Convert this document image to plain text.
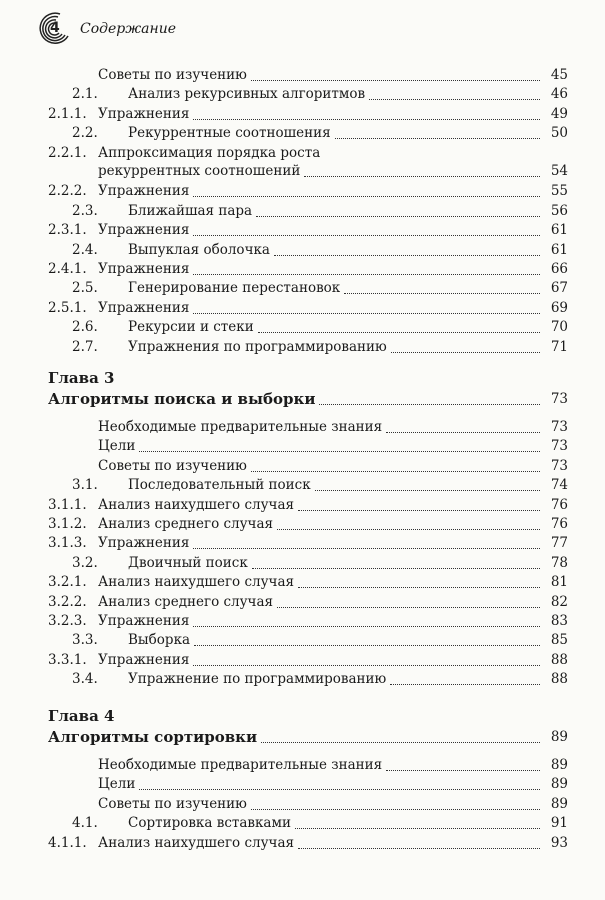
4 Содержание
Советы по изучению	45
2.1. Анализ рекурсивных алгоритмов	46
2.1.1. Упражнения	49
2.2. Рекуррентные соотношения	50
2.2.1. Аппроксимация порядка роста
рекуррентных соотношений	54
2.2.2. Упражнения	55
2.3. Ближайшая пара	56
2.3.1. Упражнения	61
2.4. Выпуклая оболочка	61
2.4.1. Упражнения	66
2.5. Генерирование перестановок	67
2.5.1. Упражнения	69
2.6. Рекурсии и стеки	70
2.7. Упражнения по программированию	71
Глава 3
Алгоритмы поиска и выборки	73
Необходимые предварительные знания	73
Цели	73
Советы по изучению	73
3.1. Последовательный поиск	74
3.1.1. Анализ наихудшего случая	76
3.1.2. Анализ среднего случая	76
3.1.3. Упражнения	77
3.2. Двоичный поиск	78
3.2.1. Анализ наихудшего случая	81
3.2.2. Анализ среднего случая	82
3.2.3. Упражнения	83
3.3. Выборка	85
3.3.1. Упражнения	88
3.4. Упражнение по программированию	88
Глава 4
Алгоритмы сортировки	89
Необходимые предварительные знания	89
Цели	89
Советы по изучению	89
4.1. Сортировка вставками	91
4.1.1. Анализ наихудшего случая	93
